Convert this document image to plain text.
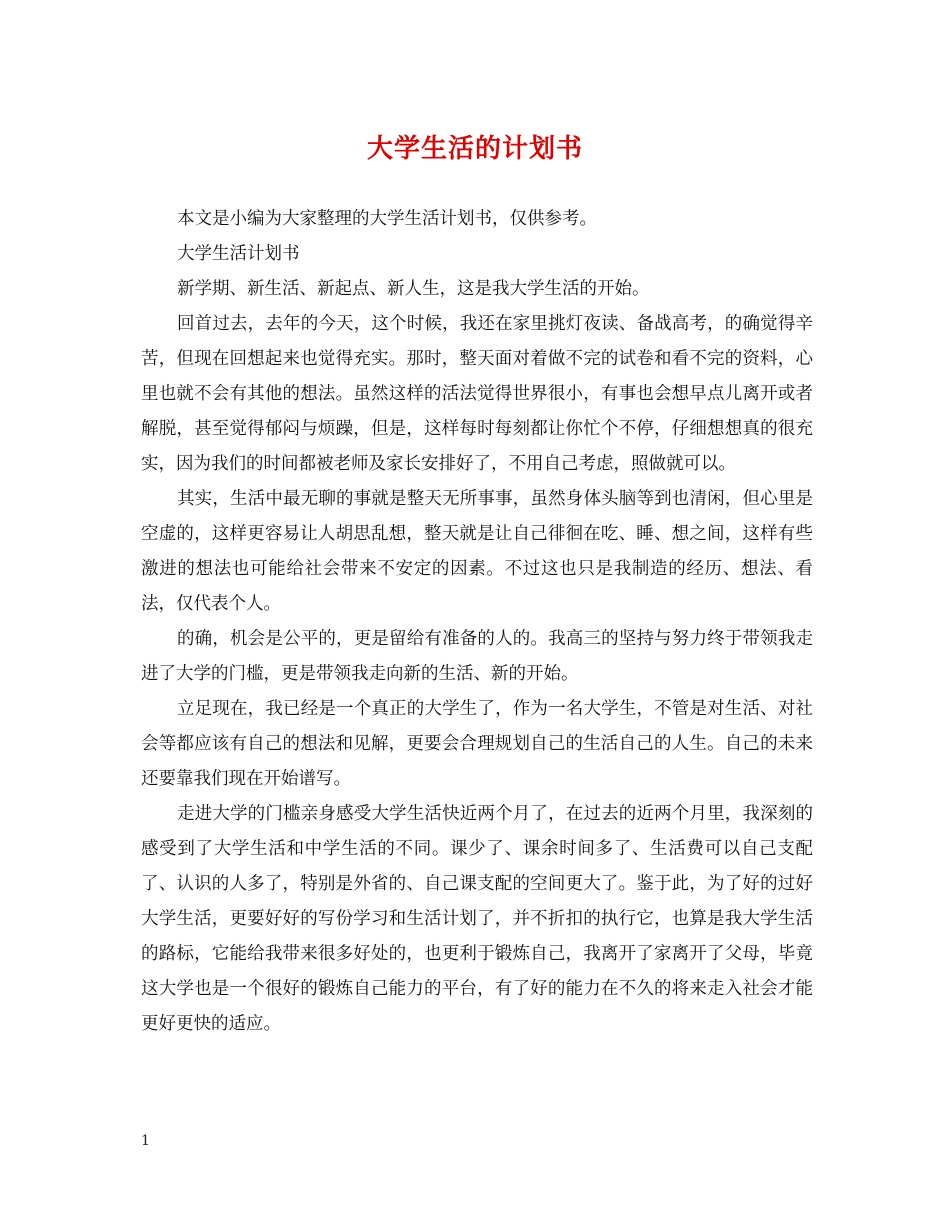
大学生活的计划书

本文是小编为大家整理的大学生活计划书，仅供参考。

大学生活计划书

新学期、新生活、新起点、新人生，这是我大学生活的开始。

回首过去，去年的今天，这个时候，我还在家里挑灯夜读、备战高考，的确觉得辛苦，但现在回想起来也觉得充实。那时，整天面对着做不完的试卷和看不完的资料，心里也就不会有其他的想法。虽然这样的活法觉得世界很小，有事也会想早点儿离开或者解脱，甚至觉得郁闷与烦躁，但是，这样每时每刻都让你忙个不停，仔细想想真的很充实，因为我们的时间都被老师及家长安排好了，不用自己考虑，照做就可以。

其实，生活中最无聊的事就是整天无所事事，虽然身体头脑等到也清闲，但心里是空虚的，这样更容易让人胡思乱想，整天就是让自己徘徊在吃、睡、想之间，这样有些激进的想法也可能给社会带来不安定的因素。不过这也只是我制造的经历、想法、看法，仅代表个人。

的确，机会是公平的，更是留给有准备的人的。我高三的坚持与努力终于带领我走进了大学的门槛，更是带领我走向新的生活、新的开始。

立足现在，我已经是一个真正的大学生了，作为一名大学生，不管是对生活、对社会等都应该有自己的想法和见解，更要会合理规划自己的生活自己的人生。自己的未来还要靠我们现在开始谱写。

走进大学的门槛亲身感受大学生活快近两个月了，在过去的近两个月里，我深刻的感受到了大学生活和中学生活的不同。课少了、课余时间多了、生活费可以自己支配了、认识的人多了，特别是外省的、自己课支配的空间更大了。鉴于此，为了好的过好大学生活，更要好好的写份学习和生活计划了，并不折扣的执行它，也算是我大学生活的路标，它能给我带来很多好处的，也更利于锻炼自己，我离开了家离开了父母，毕竟这大学也是一个很好的锻炼自己能力的平台，有了好的能力在不久的将来走入社会才能更好更快的适应。

1
